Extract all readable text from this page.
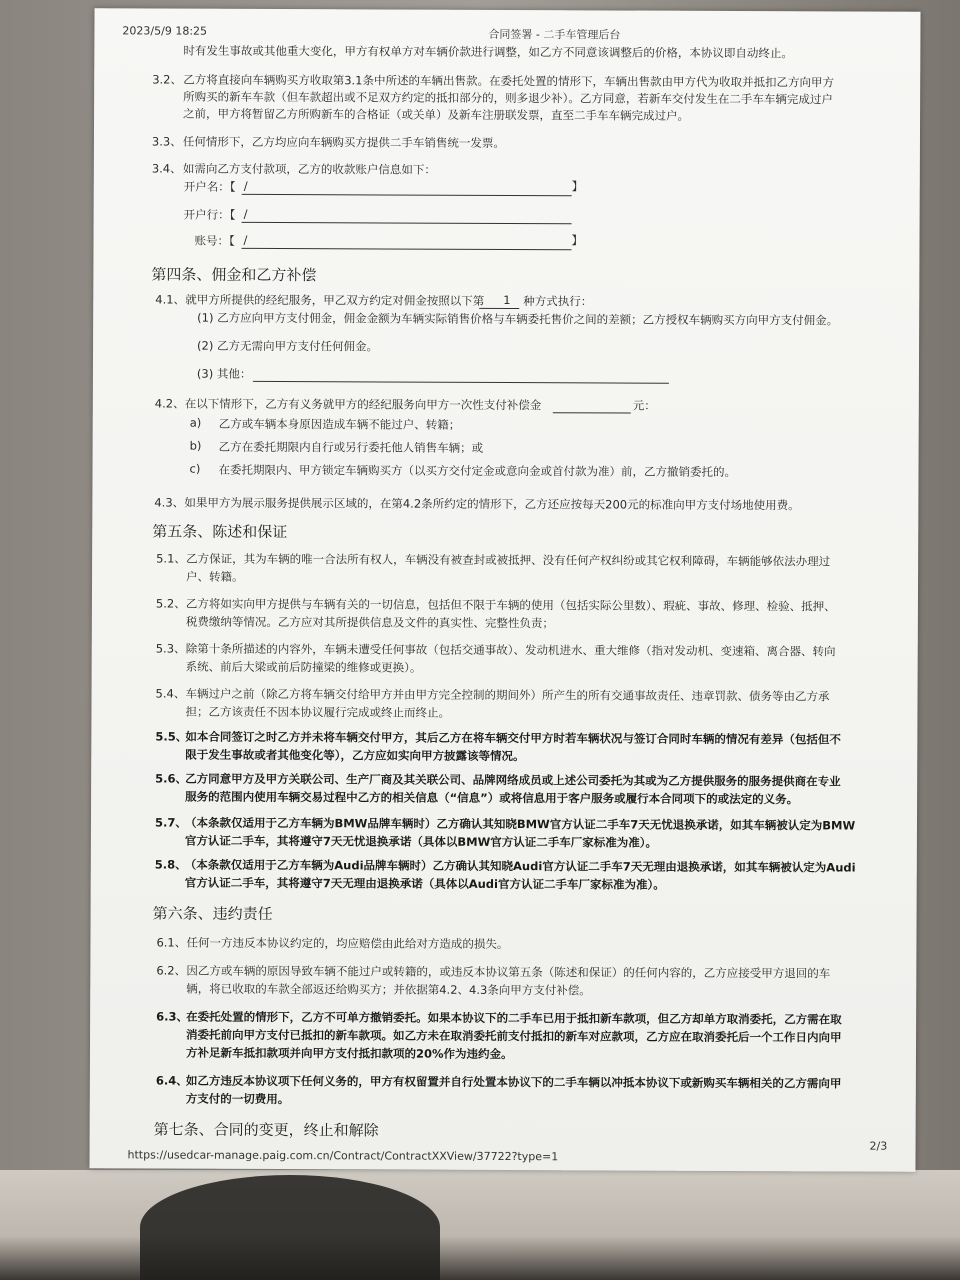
2023/5/9 18:25	合同签署 - 二手车管理后台
时有发生事故或其他重大变化，甲方有权单方对车辆价款进行调整，如乙方不同意该调整后的价格，本协议即自动终止。
3.2、 乙方将直接向车辆购买方收取第3.1条中所述的车辆出售款。在委托处置的情形下，车辆出售款由甲方代为收取并抵扣乙方向甲方
所购买的新车车款（但车款超出或不足双方约定的抵扣部分的，则多退少补）。乙方同意，若新车交付发生在二手车车辆完成过户
之前，甲方将暂留乙方所购新车的合格证（或关单）及新车注册联发票，直至二手车车辆完成过户。
3.3、 任何情形下，乙方均应向车辆购买方提供二手车销售统一发票。
3.4、 如需向乙方支付款项，乙方的收款账户信息如下：
开户名：【 /	】
开户行：【 /
账号：【 /	】
第四条、佣金和乙方补偿
4.1、 就甲方所提供的经纪服务，甲乙双方约定对佣金按照以下第 1 种方式执行：
(1) 乙方应向甲方支付佣金，佣金金额为车辆实际销售价格与车辆委托售价之间的差额；乙方授权车辆购买方向甲方支付佣金。
(2) 乙方无需向甲方支付任何佣金。
(3) 其他：
4.2、 在以下情形下，乙方有义务就甲方的经纪服务向甲方一次性支付补偿金	元：
a) 乙方或车辆本身原因造成车辆不能过户、转籍；
b) 乙方在委托期限内自行或另行委托他人销售车辆；或
c) 在委托期限内、甲方锁定车辆购买方（以买方交付定金或意向金或首付款为准）前，乙方撤销委托的。
4.3、 如果甲方为展示服务提供展示区域的，在第4.2条所约定的情形下，乙方还应按每天200元的标准向甲方支付场地使用费。
第五条、陈述和保证
5.1、 乙方保证，其为车辆的唯一合法所有权人，车辆没有被查封或被抵押、没有任何产权纠纷或其它权利障碍，车辆能够依法办理过
户、转籍。
5.2、 乙方将如实向甲方提供与车辆有关的一切信息，包括但不限于车辆的使用（包括实际公里数）、瑕疵、事故、修理、检验、抵押、
税费缴纳等情况。乙方应对其所提供信息及文件的真实性、完整性负责；
5.3、 除第十条所描述的内容外，车辆未遭受任何事故（包括交通事故）、发动机进水、重大维修（指对发动机、变速箱、离合器、转向
系统、前后大梁或前后防撞梁的维修或更换）。
5.4、 车辆过户之前（除乙方将车辆交付给甲方并由甲方完全控制的期间外）所产生的所有交通事故责任、违章罚款、债务等由乙方承
担；乙方该责任不因本协议履行完成或终止而终止。
5.5、
如本合同签订之时乙方并未将车辆交付甲方，其后乙方在将车辆交付甲方时若车辆状况与签订合同时车辆的情况有差异（包括但不
限于发生事故或者其他变化等），乙方应如实向甲方披露该等情况。
5.6、
乙方同意甲方及甲方关联公司、生产厂商及其关联公司、品牌网络成员或上述公司委托为其或为乙方提供服务的服务提供商在专业
服务的范围内使用车辆交易过程中乙方的相关信息（“信息”）或将信息用于客户服务或履行本合同项下的或法定的义务。
5.7、
（本条款仅适用于乙方车辆为BMW品牌车辆时）乙方确认其知晓BMW官方认证二手车7天无忧退换承诺，如其车辆被认定为BMW
官方认证二手车，其将遵守7天无忧退换承诺（具体以BMW官方认证二手车厂家标准为准）。
5.8、
（本条款仅适用于乙方车辆为Audi品牌车辆时）乙方确认其知晓Audi官方认证二手车7天无理由退换承诺，如其车辆被认定为Audi
官方认证二手车，其将遵守7天无理由退换承诺（具体以Audi官方认证二手车厂家标准为准）。
第六条、违约责任
6.1、 任何一方违反本协议约定的，均应赔偿由此给对方造成的损失。
6.2、 因乙方或车辆的原因导致车辆不能过户或转籍的，或违反本协议第五条（陈述和保证）的任何内容的，乙方应接受甲方退回的车
辆，将已收取的车款全部返还给购买方；并依据第4.2、4.3条向甲方支付补偿。
6.3、
在委托处置的情形下，乙方不可单方撤销委托。如果本协议下的二手车已用于抵扣新车款项，但乙方却单方取消委托，乙方需在取
消委托前向甲方支付已抵扣的新车款项。如乙方未在取消委托前支付抵扣的新车对应款项，乙方应在取消委托后一个工作日内向甲
方补足新车抵扣款项并向甲方支付抵扣款项的20%作为违约金。
6.4、
如乙方违反本协议项下任何义务的，甲方有权留置并自行处置本协议下的二手车辆以冲抵本协议下或新购买车辆相关的乙方需向甲
方支付的一切费用。
第七条、合同的变更，终止和解除
https://usedcar-manage.paig.com.cn/Contract/ContractXXView/37722?type=1
2/3
